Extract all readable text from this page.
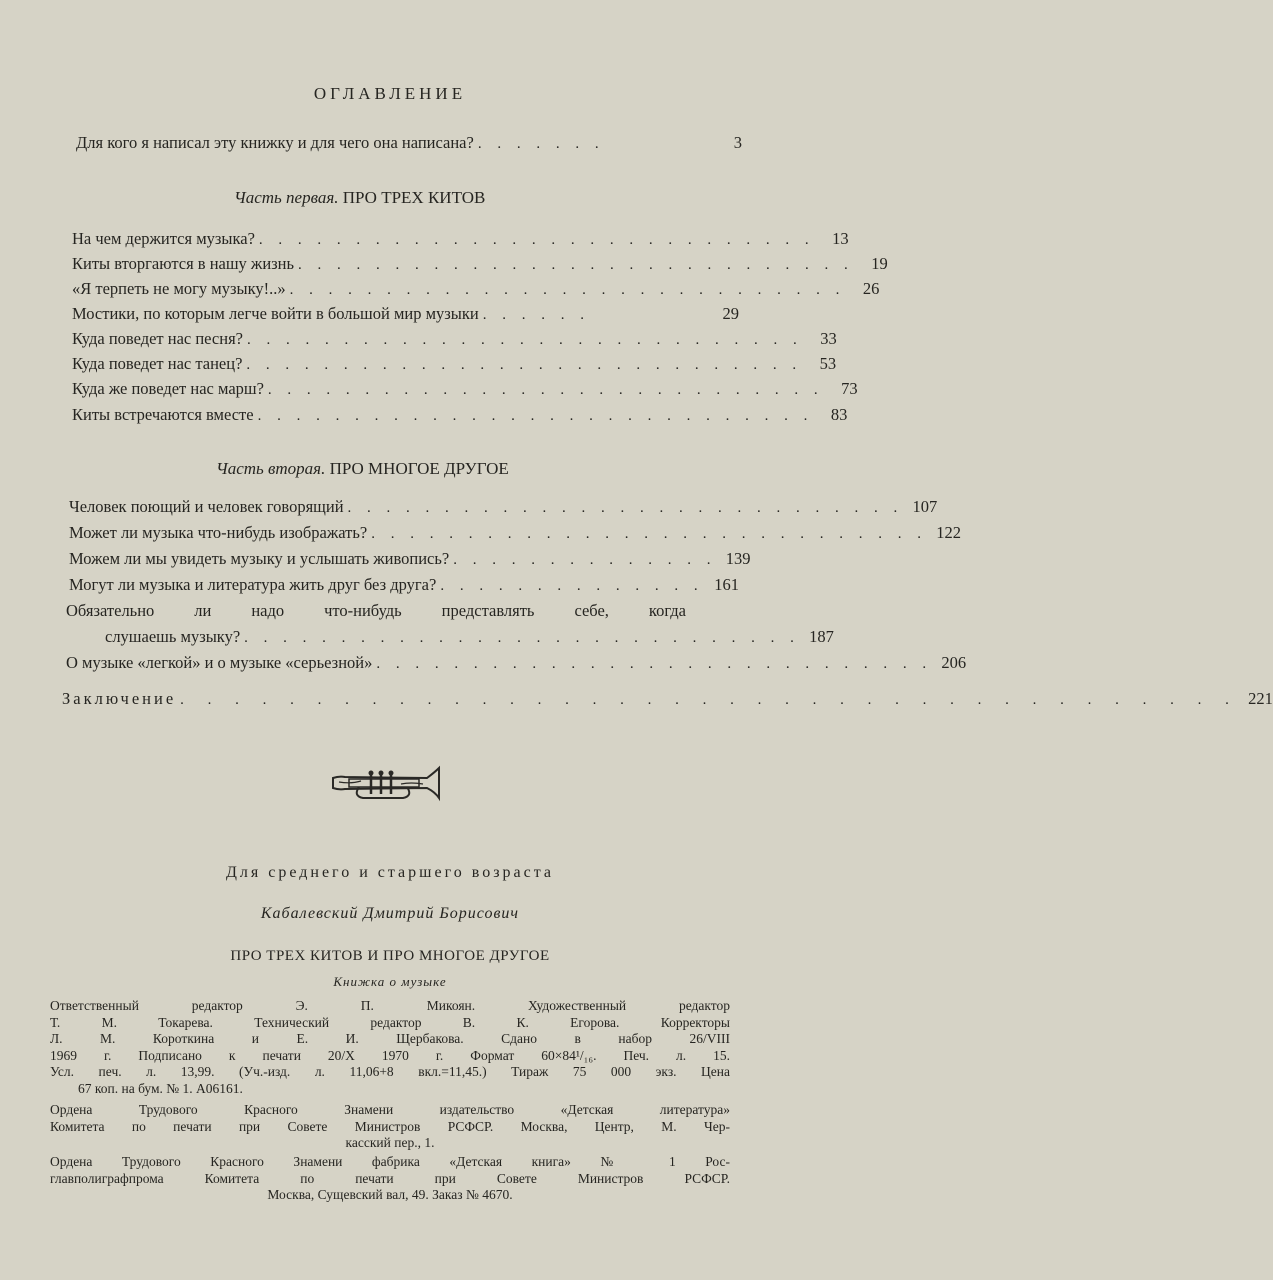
ОГЛАВЛЕНИЕ
Для кого я написал эту книжку и для чего она написана? . . . . . . .	3
Часть первая. ПРО ТРЕХ КИТОВ
На чем держится музыка? . . . . . . . . . . . . . . . . . . . . . . . . . . . . .	13
Киты вторгаются в нашу жизнь . . . . . . . . . . . . . . . . . . . . . . . . . . . . .	19
«Я терпеть не могу музыку!..» . . . . . . . . . . . . . . . . . . . . . . . . . . . . .	26
Мостики, по которым легче войти в большой мир музыки . . . . . .	29
Куда поведет нас песня? . . . . . . . . . . . . . . . . . . . . . . . . . . . . .	33
Куда поведет нас танец? . . . . . . . . . . . . . . . . . . . . . . . . . . . . .	53
Куда же поведет нас марш? . . . . . . . . . . . . . . . . . . . . . . . . . . . . .	73
Киты встречаются вместе . . . . . . . . . . . . . . . . . . . . . . . . . . . . .	83
Часть вторая. ПРО МНОГОЕ ДРУГОЕ
Человек поющий и человек говорящий . . . . . . . . . . . . . . . . . . . . . . . . . . . . . 107
Может ли музыка что-нибудь изображать? . . . . . . . . . . . . . . . . . . . . . . . . . . . . . 122
Можем ли мы увидеть музыку и услышать живопись? . . . . . . . . . . . . . . 139
Могут ли музыка и литература жить друг без друга? . . . . . . . . . . . . . . 161
Обязательно ли надо что-нибудь представлять себе, когда
слушаешь музыку? . . . . . . . . . . . . . . . . . . . . . . . . . . . . . 187
О музыке «легкой» и о музыке «серьезной» . . . . . . . . . . . . . . . . . . . . . . . . . . . . . 206
Заключение . . . . . . . . . . . . . . . . . . . . . . . . . . . . . . . . . . . . . . . 221
Для среднего и старшего возраста
Кабалевский Дмитрий Борисович
ПРО ТРЕХ КИТОВ И ПРО МНОГОЕ ДРУГОЕ
Книжка о музыке
Ответственный редактор Э. П. Микоян. Художественный редактор
Т. М. Токарева. Технический редактор В. К. Егорова. Корректоры
Л. М. Короткина и Е. И. Щербакова. Сдано в набор 26/VIII
1969 г. Подписано к печати 20/X 1970 г. Формат 60×84¹/₁₆. Печ. л. 15.
Усл. печ. л. 13,99. (Уч.-изд. л. 11,06+8 вкл.=11,45.) Тираж 75 000 экз. Цена
67 коп. на бум. № 1. А06161.
Ордена Трудового Красного Знамени издательство «Детская литература»
Комитета по печати при Совете Министров РСФСР. Москва, Центр, М. Чер-
касский пер., 1.
Ордена Трудового Красного Знамени фабрика «Детская книга» № 1 Рос-
главполиграфпрома Комитета по печати при Совете Министров РСФСР.
Москва, Сущевский вал, 49. Заказ № 4670.
